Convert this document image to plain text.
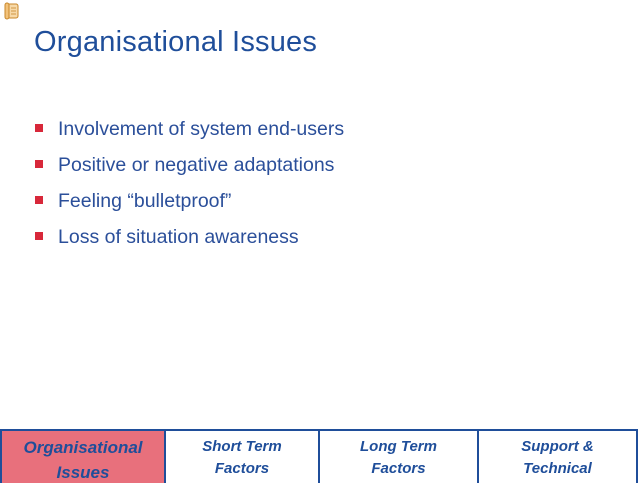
Organisational Issues
Involvement of system end-users
Positive or negative adaptations
Feeling “bulletproof”
Loss of situation awareness
Organisational
Issues
Short Term
Factors
Long Term
Factors
Support &
Technical
